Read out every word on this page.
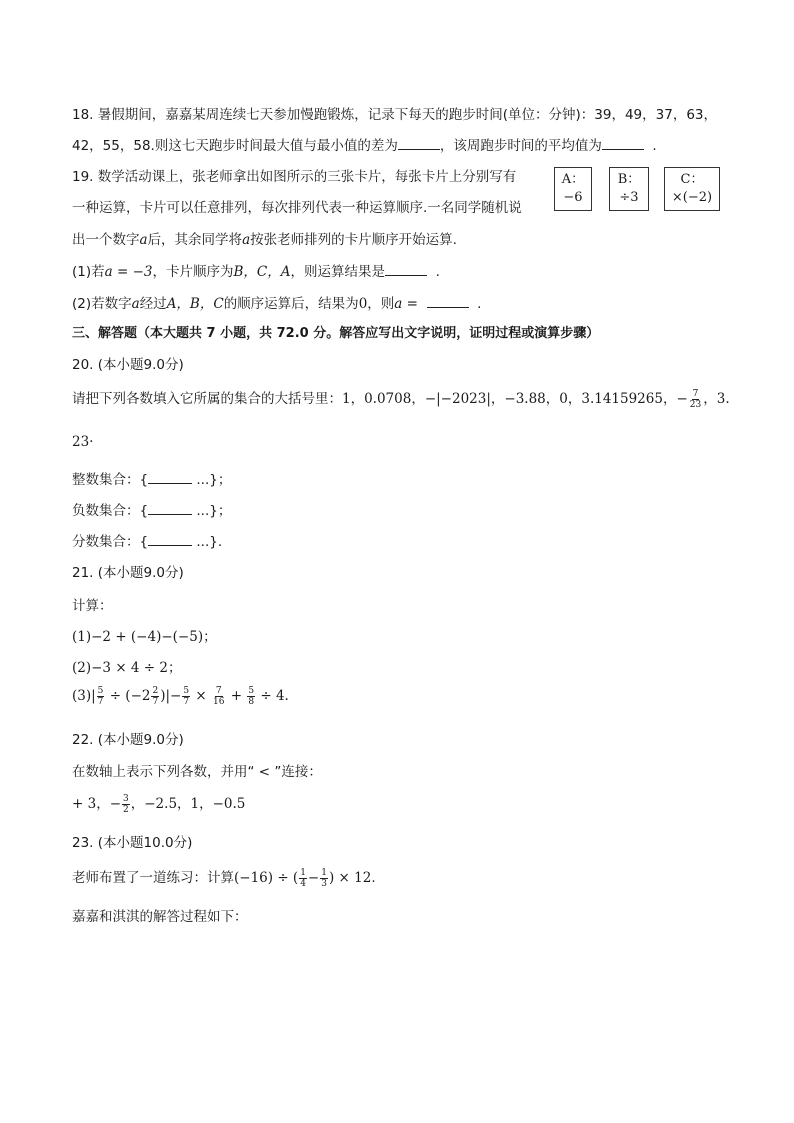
18. 暑假期间，嘉嘉某周连续七天参加慢跑锻炼，记录下每天的跑步时间(单位：分钟)：39，49，37，63，
42，55，58.则这七天跑步时间最大值与最小值的差为	，该周跑步时间的平均值为	.
19. 数学活动课上，张老师拿出如图所示的三张卡片，每张卡片上分别写有
一种运算，卡片可以任意排列，每次排列代表一种运算顺序.一名同学随机说
出一个数字a后，其余同学将a按张老师排列的卡片顺序开始运算.
(1)若a = −3，卡片顺序为B，C，A，则运算结果是	.
(2)若数字a经过A，B，C的顺序运算后，结果为0，则a =	.
A：
−6
B：
÷3
C：
×(−2)
三、解答题（本大题共 7 小题，共 72.0 分。解答应写出文字说明，证明过程或演算步骤）
20. (本小题9.0分)
请把下列各数填入它所属的集合的大括号里：1，0.0708，−|−2023|，−3.88，0，3.14159265，− $\frac{7}{23}$ ，3.
23·
整数集合：{	...}；
负数集合：{	...}；
分数集合：{	...}.
21. (本小题9.0分)
计算：
(1)−2 + (−4)−(−5)；
(2)−3 × 4 ÷ 2；
$(3)| \frac{5}{7} \div (-2 \frac{2}{7}$ )|− $\frac{5}{7} \times \frac{7}{16} + \frac{5}{8} \div 4$.
22. (本小题9.0分)
在数轴上表示下列各数，并用“ < ”连接：
+ 3，− $\frac{3}{2}$ ，−2.5，1，−0.5
23. (本小题10.0分)
老师布置了一道练习：计算(−16) ÷ ( $\frac{1}{4} - \frac{1}{3}$ ) × 12.
嘉嘉和淇淇的解答过程如下：
